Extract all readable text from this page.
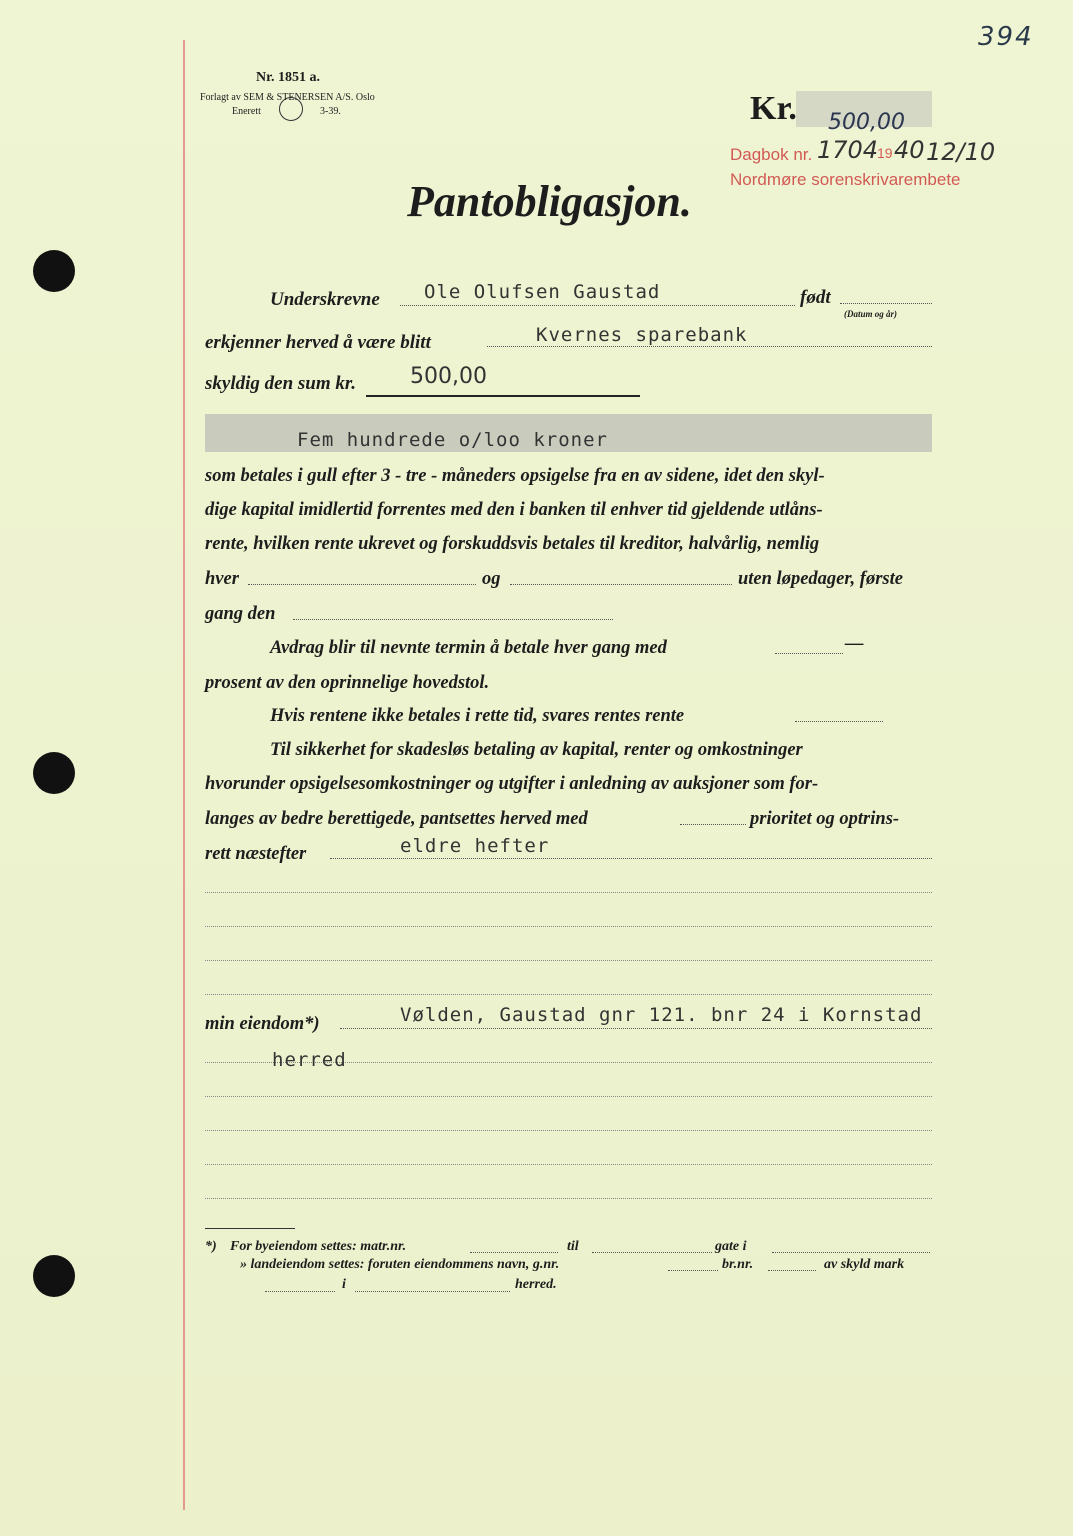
394
Nr. 1851 a.
Forlagt av SEM & STENERSEN A/S. Oslo
Enerett	3-39.	Kr. 500,00
Dagbok nr. 1704
19 40 12/10
Nordmøre sorenskrivarembete
Pantobligasjon.
Underskrevne Ole Olufsen Gaustad	født
(Datum og år)
erkjenner herved å være blitt	Kvernes sparebank
skyldig den sum kr. 500,00
Fem hundrede o/loo kroner
som betales i gull efter 3 - tre - måneders opsigelse fra en av sidene, idet den skyl-
dige kapital imidlertid forrentes med den i banken til enhver tid gjeldende utlåns-
rente, hvilken rente ukrevet og forskuddsvis betales til kreditor, halvårlig, nemlig
hver	og	uten løpedager, første
gang den
Avdrag blir til nevnte termin å betale hver gang med	—
prosent av den oprinnelige hovedstol.
Hvis rentene ikke betales i rette tid, svares rentes rente
Til sikkerhet for skadesløs betaling av kapital, renter og omkostninger
hvorunder opsigelsesomkostninger og utgifter i anledning av auksjoner som for-
langes av bedre berettigede, pantsettes herved med	prioritet og optrins-
rett næstefter	eldre hefter
min eiendom*)	Vølden, Gaustad gnr 121. bnr 24 i Kornstad
herred
*) For byeiendom settes: matr.nr.	til	gate i
» landeiendom settes: foruten eiendommens navn, g.nr.	br.nr.	av skyld mark
i	herred.
